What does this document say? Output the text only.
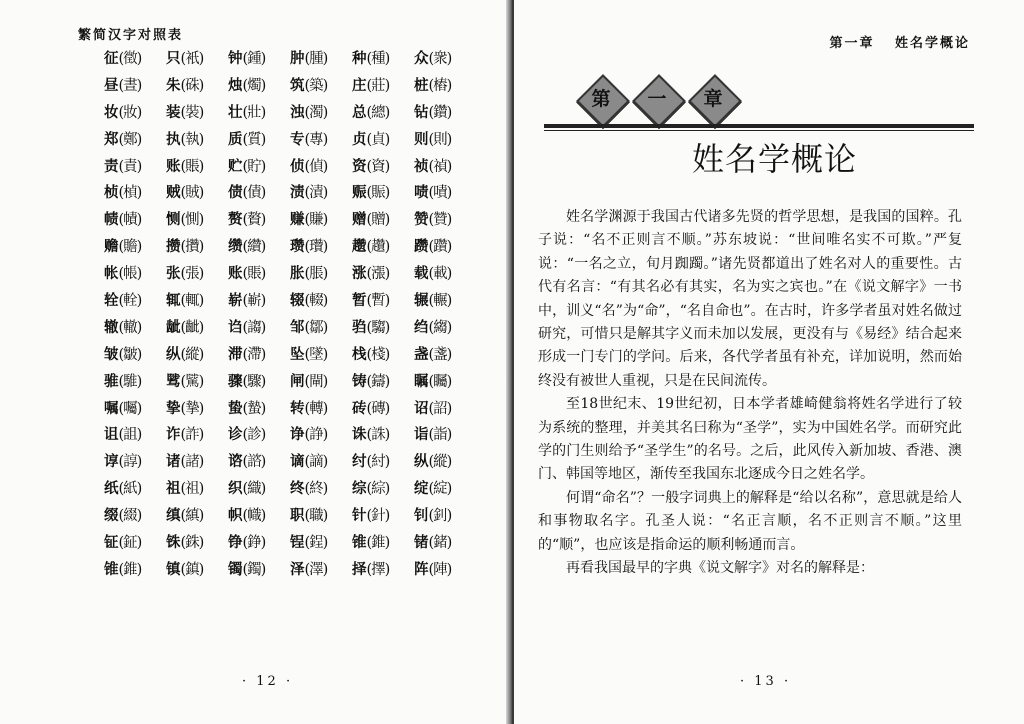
繁简汉字对照表
征 (徵) 只 (衹) 钟 (鍾) 肿 (腫) 种 (種) 众 (衆)
昼 (晝) 朱 (硃) 烛 (燭) 筑 (築) 庄 (莊) 桩 (樁)
妆 (妝) 装 (裝) 壮 (壯) 浊 (濁) 总 (總) 钻 (鑽)
郑 (鄭) 执 (執) 质 (質) 专 (專) 贞 (貞) 则 (則)
责 (責) 账 (賬) 贮 (貯) 侦 (偵) 资 (資) 祯 (禎)
桢 (楨) 贼 (賊) 债 (債) 渍 (漬) 赈 (賑) 啧 (嘖)
帻 (幘) 恻 (惻) 赘 (贅) 赚 (賺) 赠 (贈) 赞 (贊)
赡 (贍) 攒 (攢) 缵 (纘) 瓒 (瓚) 趱 (趲) 躜 (躦)
帐 (帳) 张 (張) 账 (賬) 胀 (脹) 涨 (漲) 载 (載)
辁 (輇) 辄 (輒) 崭 (嶄) 辍 (輟) 暂 (暫) 辗 (輾)
辙 (轍) 龇 (齜) 诌 (謅) 邹 (鄒) 驺 (騶) 绉 (縐)
皱 (皺) 纵 (縱) 滞 (滯) 坠 (墜) 栈 (棧) 盏 (盞)
骓 (騅) 骘 (騭) 骤 (驟) 闸 (閘) 铸 (鑄) 瞩 (矚)
嘱 (囑) 挚 (摯) 蛰 (蟄) 转 (轉) 砖 (磚) 诏 (詔)
诅 (詛) 诈 (詐) 诊 (診) 诤 (諍) 诛 (誅) 诣 (詣)
谆 (諄) 诸 (諸) 谘 (諮) 谪 (謫) 纣 (紂) 纵 (縱)
纸 (紙) 祖 (祖) 织 (織) 终 (終) 综 (綜) 绽 (綻)
缀 (綴) 缜 (縝) 帜 (幟) 职 (職) 针 (針) 钊 (釗)
钲 (鉦) 铢 (銖) 铮 (錚) 锃 (鋥) 锥 (錐) 锗 (鍺)
锥 (錐) 镇 (鎮) 镯 (鐲) 泽 (澤) 择 (擇) 阵 (陣)
· 12 ·
第一章 姓名学概论
第	一	章
姓名学概论

姓名学渊源于我国古代诸多先贤的哲学思想，是我国的国粹。孔子说：“名不正则言不顺。”苏东坡说：“世间唯名实不可欺。”严复说：“一名之立，旬月踟躅。”诸先贤都道出了姓名对人的重要性。古代有名言：“有其名必有其实，名为实之宾也。”在《说文解字》一书中，训义“名”为“命”，“名自命也”。在古时，许多学者虽对姓名做过研究，可惜只是解其字义而未加以发展，更没有与《易经》结合起来形成一门专门的学问。后来，各代学者虽有补充，详加说明，然而始终没有被世人重视，只是在民间流传。

至18世纪末、19世纪初，日本学者雄崎健翁将姓名学进行了较为系统的整理，并美其名曰称为“圣学”，实为中国姓名学。而研究此学的门生则给予“圣学生”的名号。之后，此风传入新加坡、香港、澳门、韩国等地区，渐传至我国东北逐成今日之姓名学。

何谓“命名”？一般字词典上的解释是“给以名称”，意思就是给人和事物取名字。孔圣人说：“名正言顺，名不正则言不顺。”这里的“顺”，也应该是指命运的顺利畅通而言。

再看我国最早的字典《说文解字》对名的解释是：

· 13 ·
